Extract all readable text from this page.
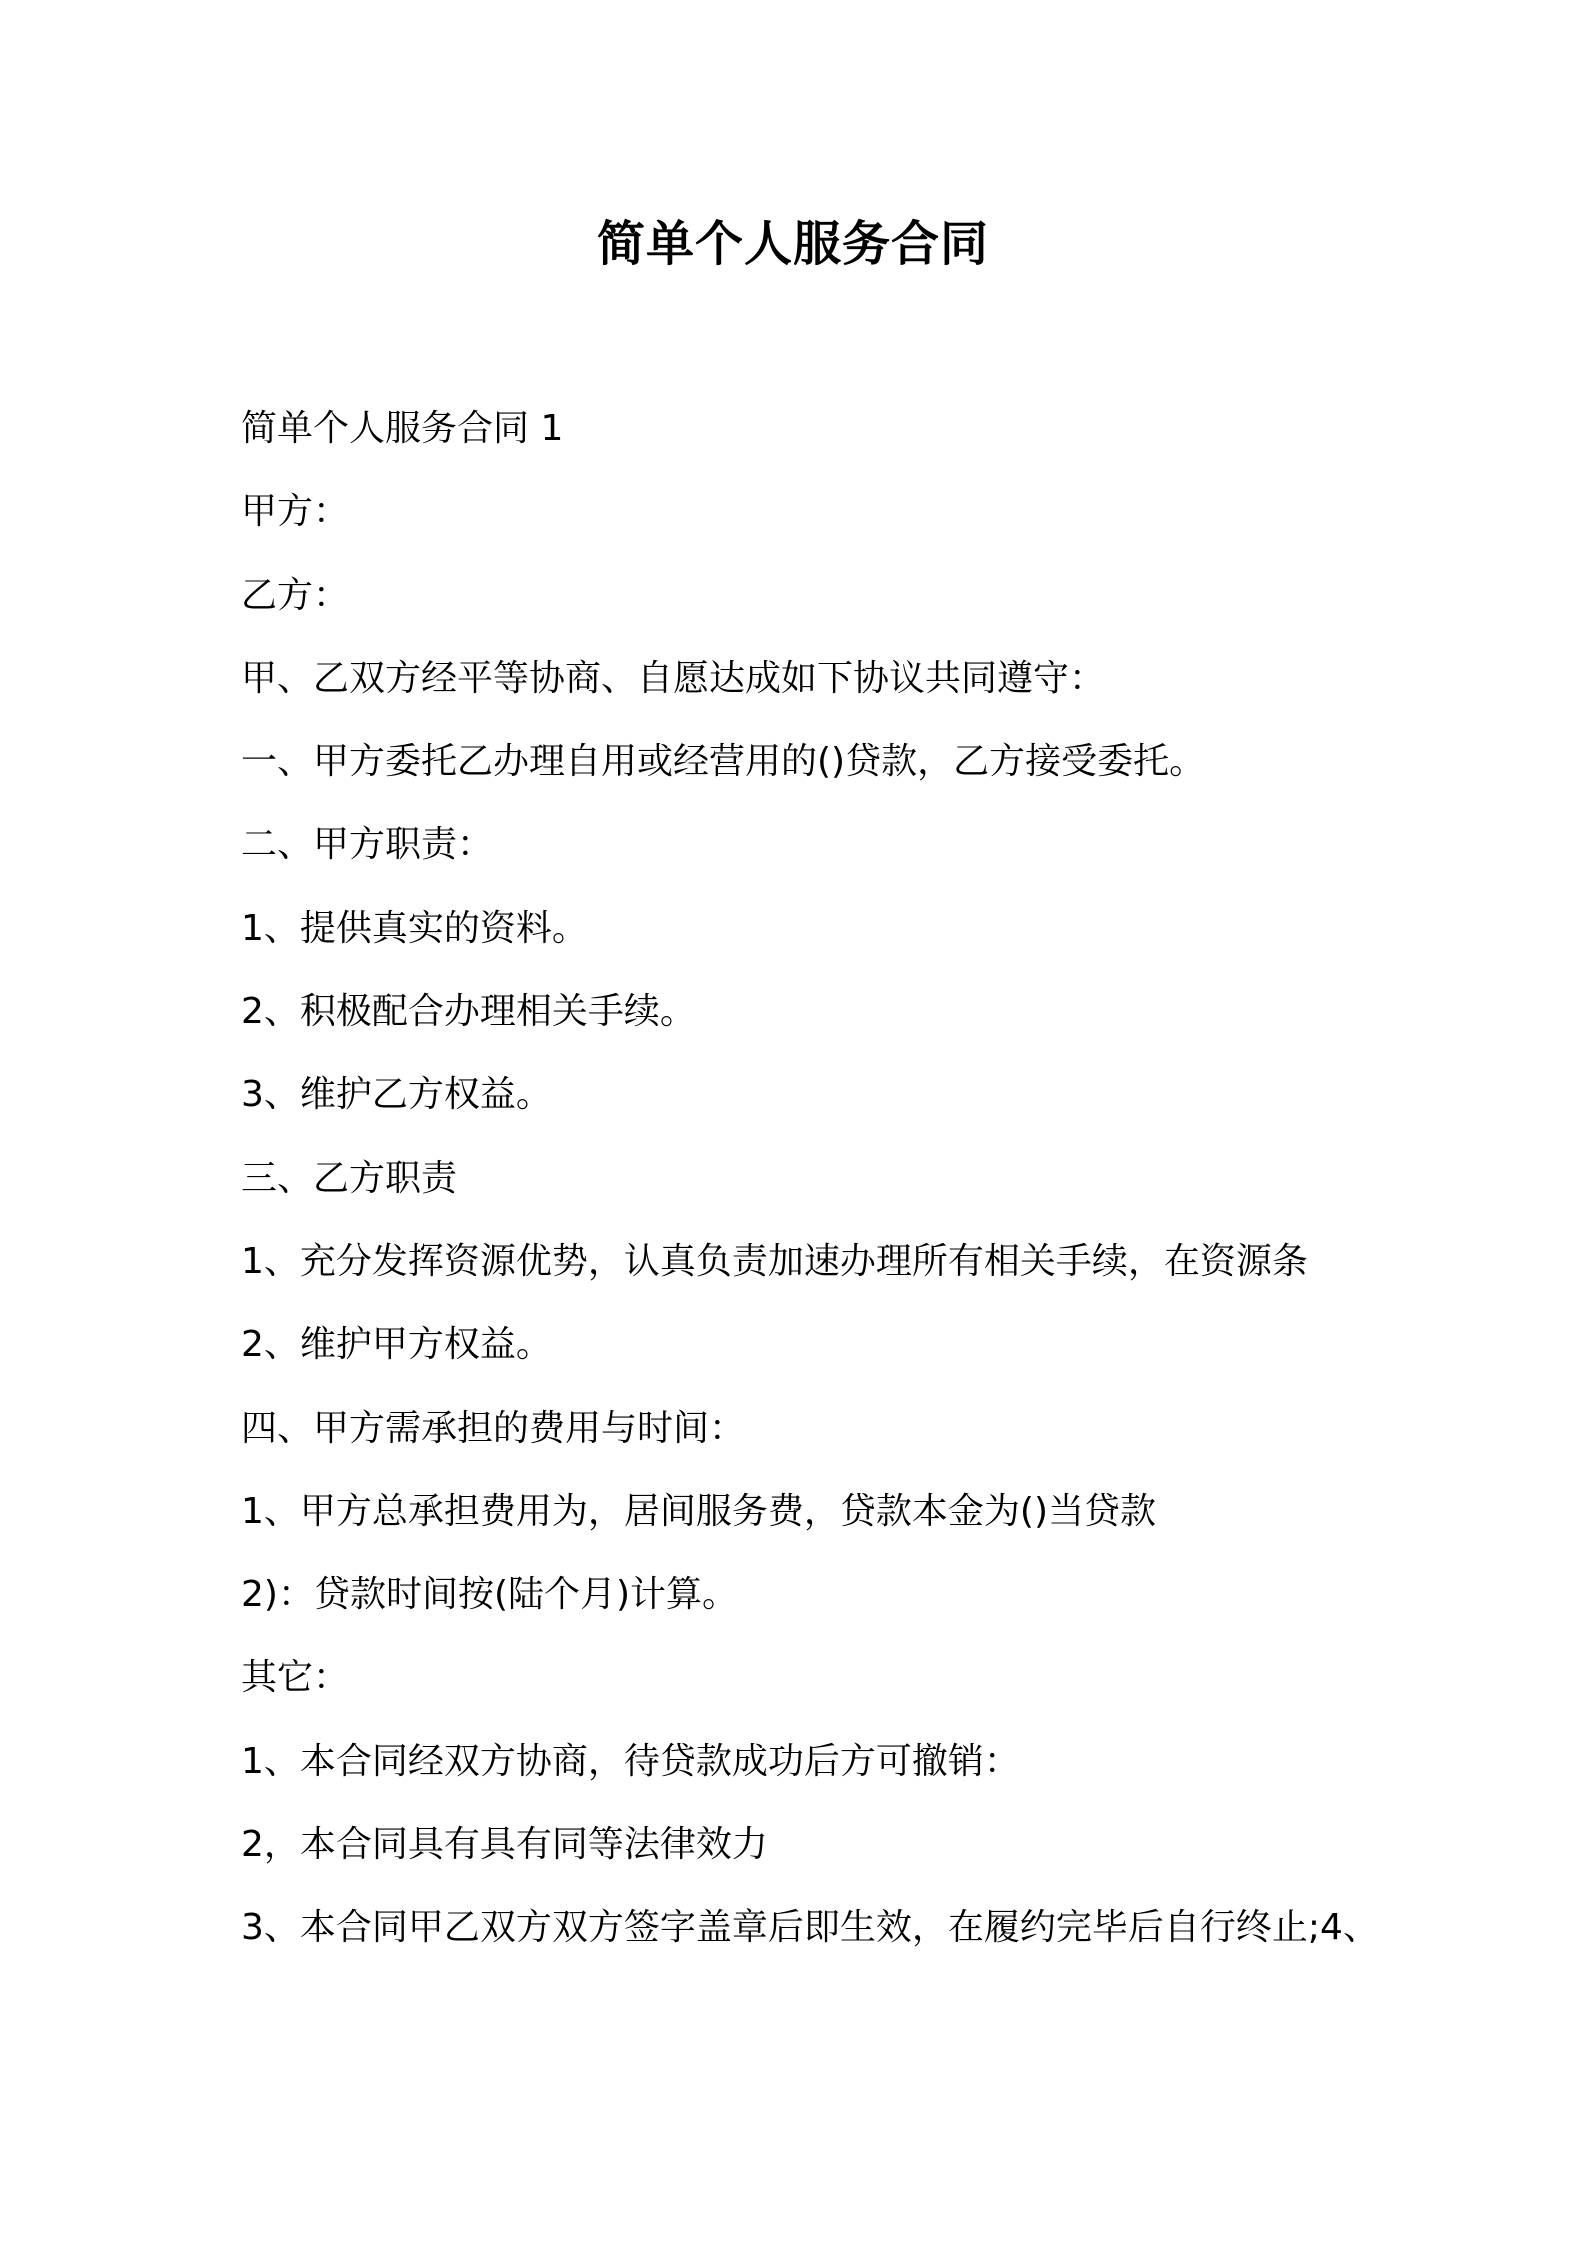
简单个人服务合同

简单个人服务合同 1

甲方：

乙方：

甲、乙双方经平等协商、自愿达成如下协议共同遵守：

一、甲方委托乙办理自用或经营用的()贷款，乙方接受委托。

二、甲方职责：

1、提供真实的资料。

2、积极配合办理相关手续。

3、维护乙方权益。

三、乙方职责

1、充分发挥资源优势，认真负责加速办理所有相关手续，在资源条

2、维护甲方权益。

四、甲方需承担的费用与时间：

1、甲方总承担费用为，居间服务费，贷款本金为()当贷款

2)：贷款时间按(陆个月)计算。

其它：

1、本合同经双方协商，待贷款成功后方可撤销：

2，本合同具有具有同等法律效力

3、本合同甲乙双方双方签字盖章后即生效，在履约完毕后自行终止;4、
